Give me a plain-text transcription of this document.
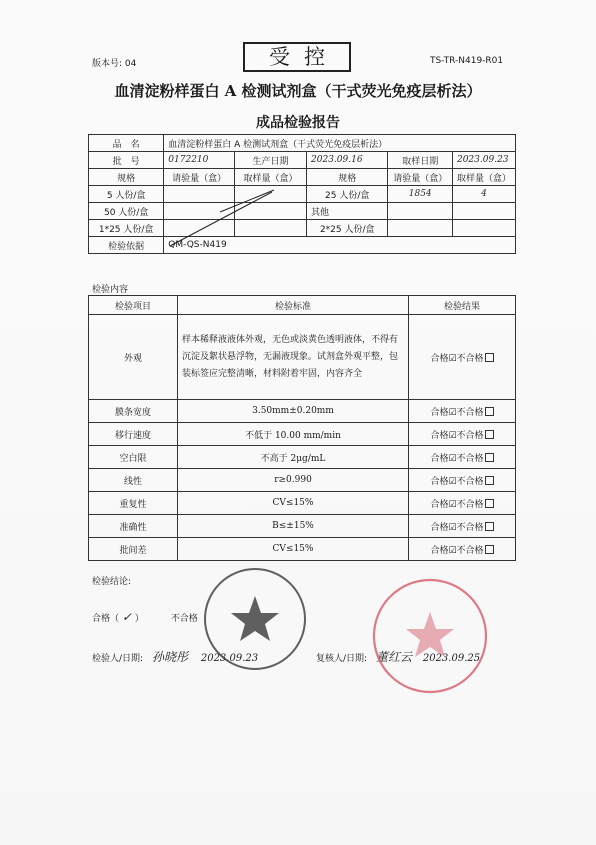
版本号: 04	受控	TS-TR-N419-R01
血清淀粉样蛋白 A 检测试剂盒（干式荧光免疫层析法）
成品检验报告
品　名	血清淀粉样蛋白 A 检测试剂盒（干式荧光免疫层析法）				
批　号	0172210	生产日期	2023.09.16	取样日期	2023.09.23
规格	请验量（盒）	取样量（盒）	规格	请验量（盒）	取样量（盒）
5 人份/盒			25 人份/盒	1854	4
50 人份/盒			其他		
1*25 人份/盒			2*25 人份/盒		
检验依据	QM-QS-N419				
检验内容
检验项目	检验标准	检验结果
外观	样本稀释液液体外观，无色或淡黄色透明液体，不得有沉淀及絮状悬浮物，无漏液现象。试剂盒外观平整，包装标签应完整清晰，材料附着牢固，内容齐全	合格☑不合格
膜条宽度	3.50mm±0.20mm	合格☑不合格
移行速度	不低于 10.00 mm/min	合格☑不合格
空白限	不高于 2μg/mL	合格☑不合格
线性	r≥0.990	合格☑不合格
重复性	CV≤15%	合格☑不合格
准确性	B≤±15%	合格☑不合格
批间差	CV≤15%	合格☑不合格
检验结论:
合格（ ✓ ）	不合格
检验人/日期: 孙晓彤 2023.09.23	复核人/日期: 董红云 2023.09.25
